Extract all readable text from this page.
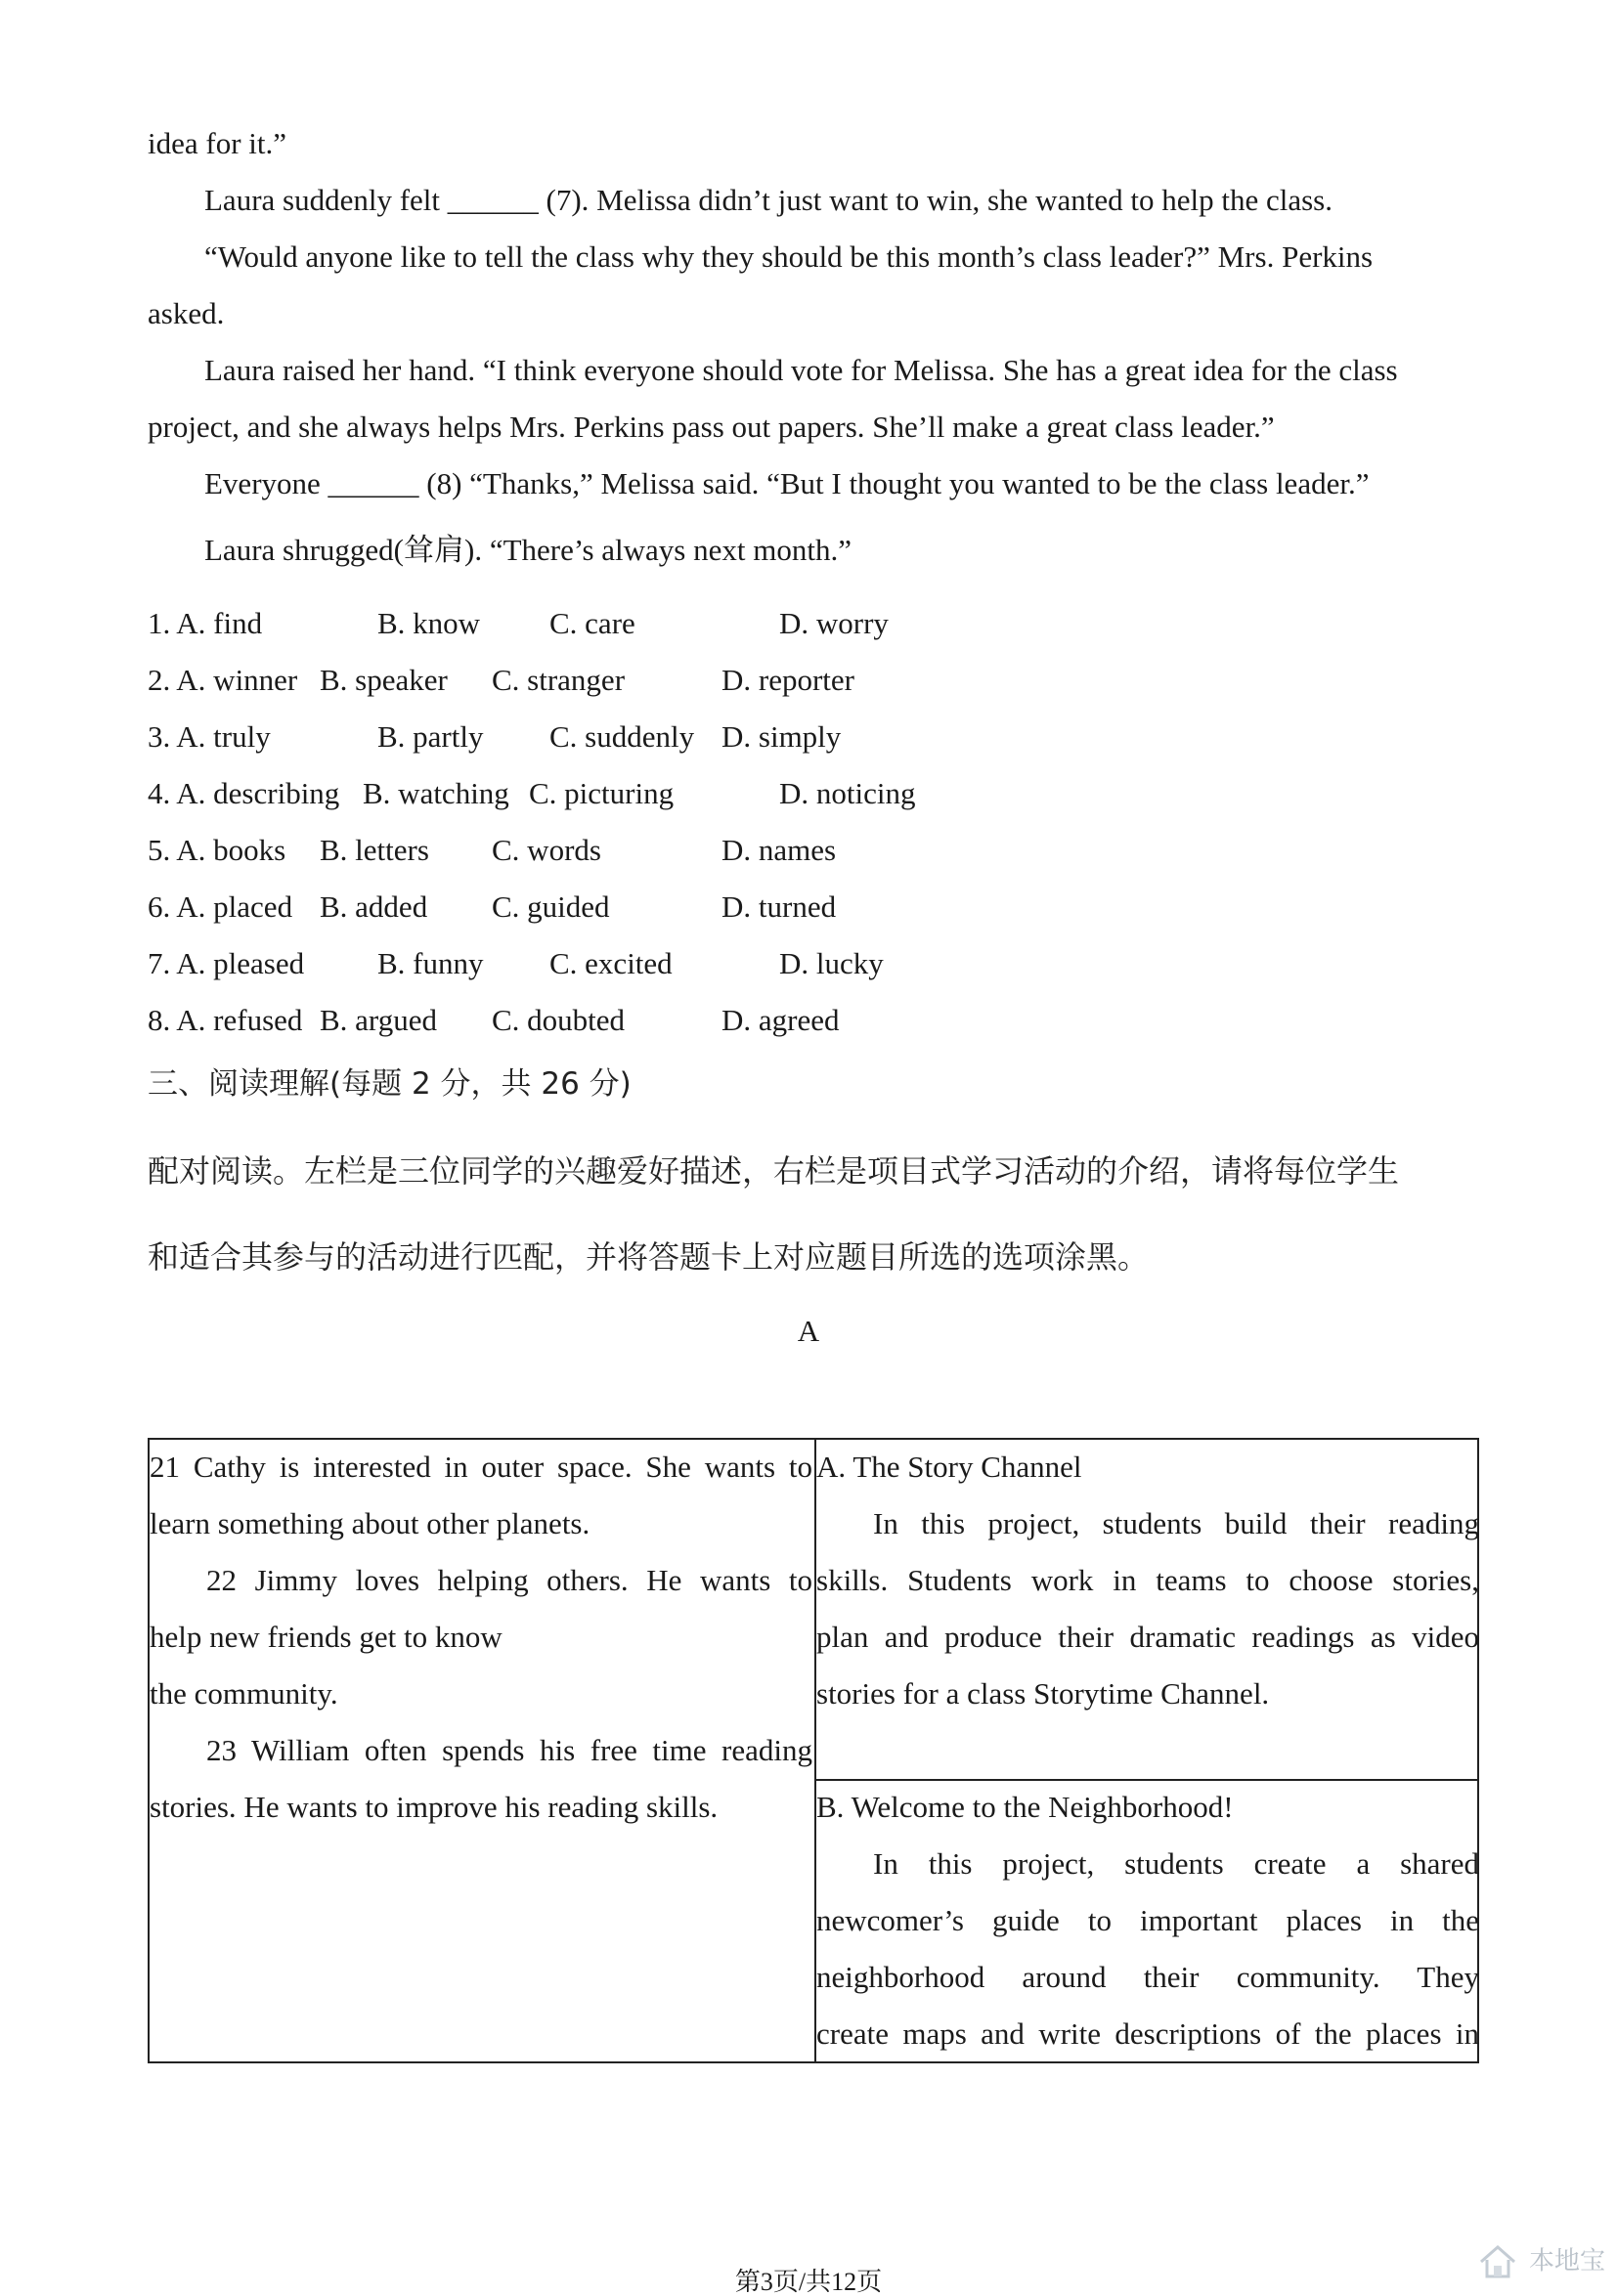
idea for it.”
Laura suddenly felt ______ (7). Melissa didn’t just want to win, she wanted to help the class.
“Would anyone like to tell the class why they should be this month’s class leader?” Mrs. Perkins
asked.
Laura raised her hand. “I think everyone should vote for Melissa. She has a great idea for the class
project, and she always helps Mrs. Perkins pass out papers. She’ll make a great class leader.”
Everyone ______ (8) “Thanks,” Melissa said. “But I thought you wanted to be the class leader.”
Laura shrugged(耸肩). “There’s always next month.”
1. A. find	B. know C. care	D. worry
2. A. winner B. speaker C. stranger	D. reporter
3. A. truly	B. partly C. suddenly D. simply
4. A. describing B. watching C. picturing	D. noticing
5. A. books B. letters C. words	D. names
6. A. placed B. added C. guided	D. turned
7. A. pleased B. funny C. excited	D. lucky
8. A. refused B. argued C. doubted	D. agreed
三、阅读理解(每题 2 分，共 26 分)
配对阅读。左栏是三位同学的兴趣爱好描述，右栏是项目式学习活动的介绍，请将每位学生
和适合其参与的活动进行匹配，并将答题卡上对应题目所选的选项涂黑。
A
21 Cathy is interested in outer space. She wants to
learn something about other planets.
22 Jimmy loves helping others. He wants to
help new friends get to know
the community.
23 William often spends his free time reading
stories. He wants to improve his reading skills.
A. The Story Channel
In this project, students build their reading
skills. Students work in teams to choose stories,
plan and produce their dramatic readings as video
stories for a class Storytime Channel.
B. Welcome to the Neighborhood!
In this project, students create a shared
newcomer’s guide to important places in the
neighborhood around their community. They
create maps and write descriptions of the places in
第3页/共12页
本地宝
